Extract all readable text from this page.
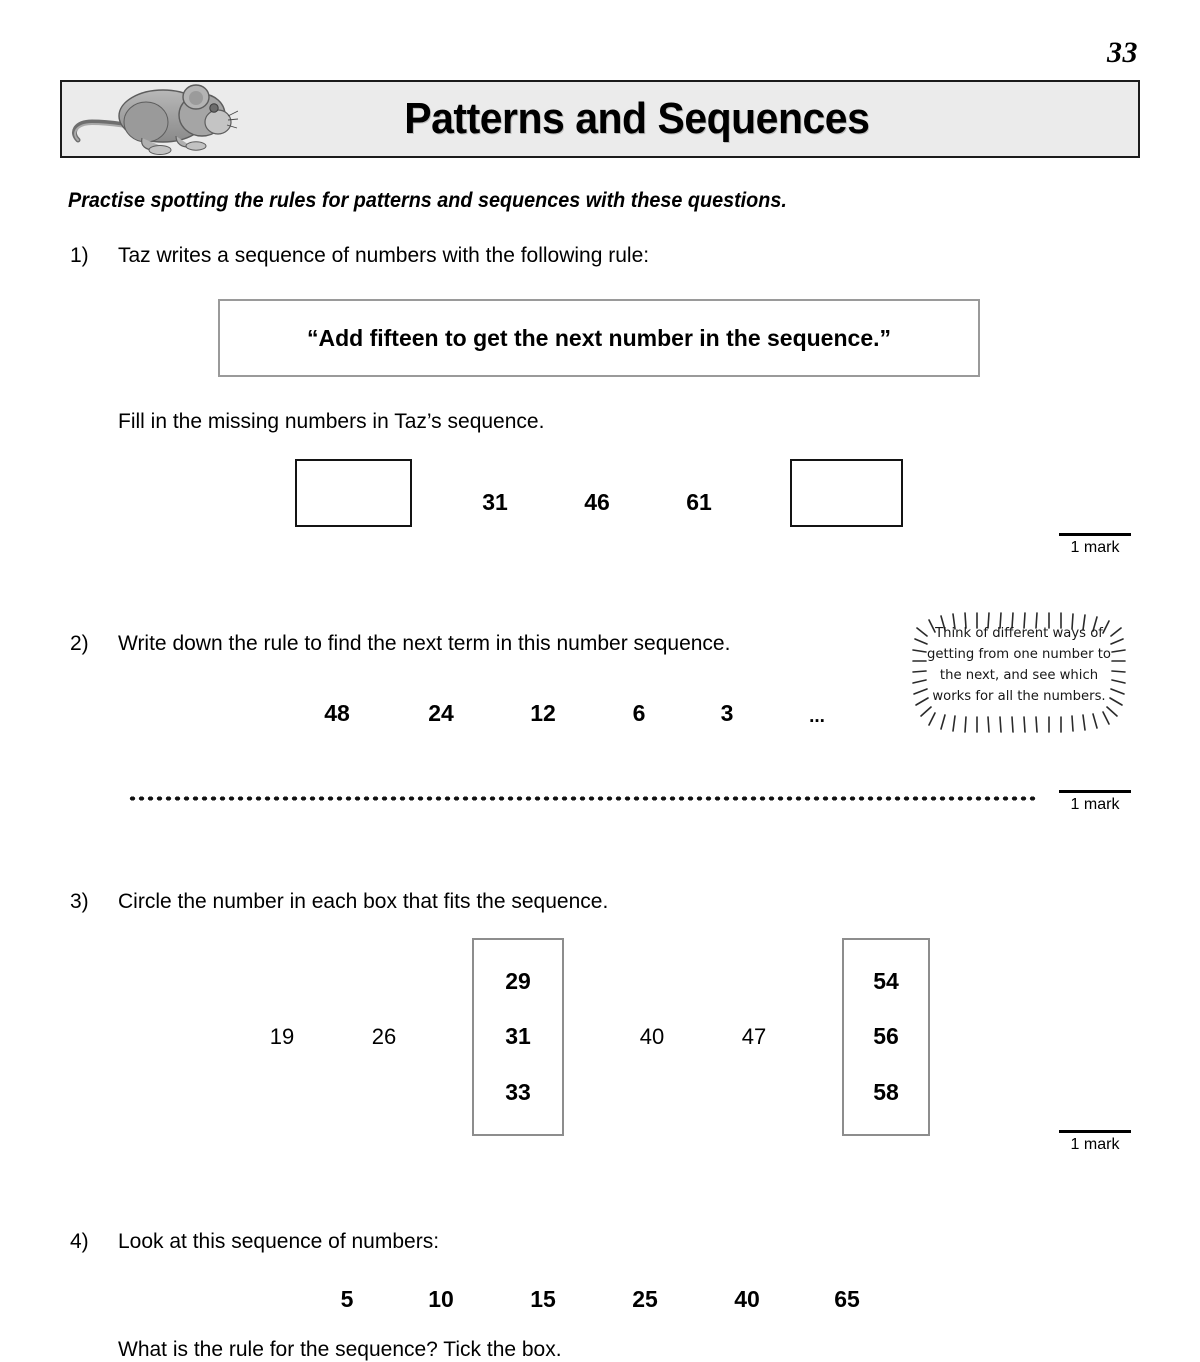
33
Patterns and Sequences
Practise spotting the rules for patterns and sequences with these questions.
1)	Taz writes a sequence of numbers with the following rule:
“Add fifteen to get the next number in the sequence.”
Fill in the missing numbers in Taz’s sequence.
31	46	61
1 mark
2)	Write down the rule to find the next term in this number sequence.	Think of different ways of getting from one number to the next, and see which works for all the numbers.
48	24	12	6	3	...
1 mark
3)	Circle the number in each box that fits the sequence.
19	26
29
31
33
40	47
54
56
58
1 mark
4)	Look at this sequence of numbers:
5	10	15	25	40	65
What is the rule for the sequence? Tick the box.
